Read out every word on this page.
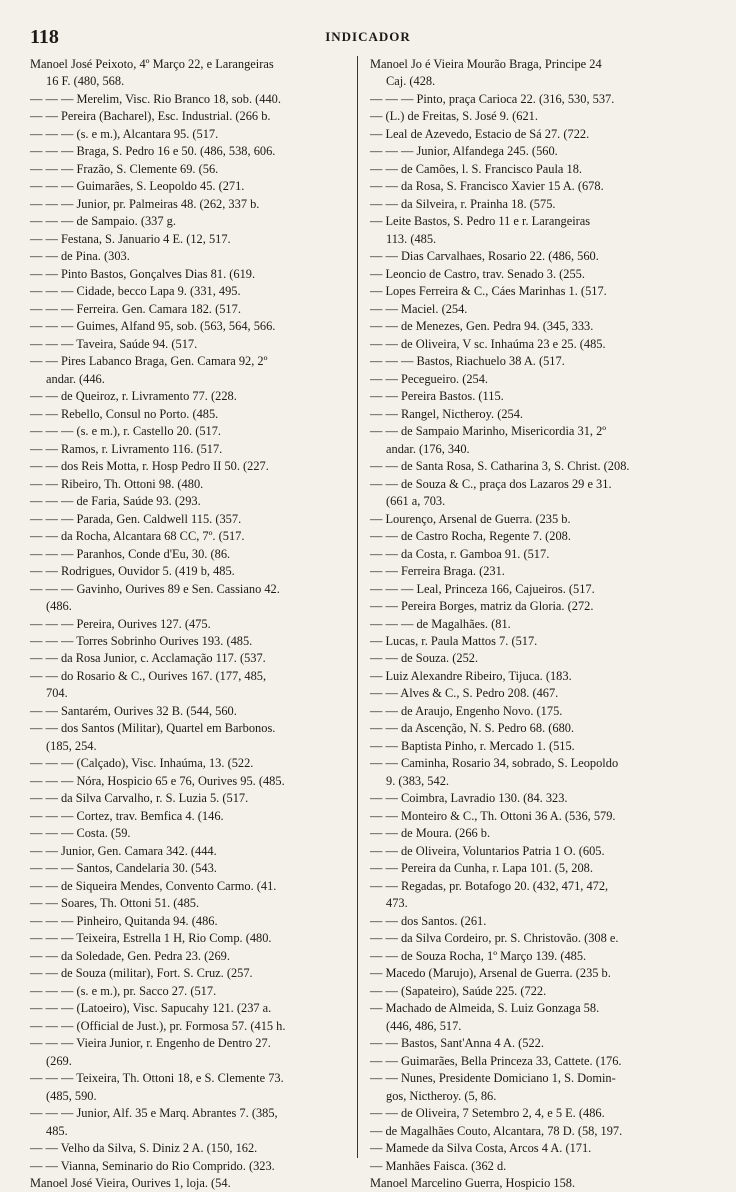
118	INDICADOR
Manoel José Peixoto, 4º Março 22, e Larangeiras
16 F. (480, 568.
— — — Merelim, Visc. Rio Branco 18, sob. (440.
— — Pereira (Bacharel), Esc. Industrial. (266 b.
— — — (s. e m.), Alcantara 95. (517.
— — — Braga, S. Pedro 16 e 50. (486, 538, 606.
— — — Frazão, S. Clemente 69. (56.
— — — Guimarães, S. Leopoldo 45. (271.
— — — Junior, pr. Palmeiras 48. (262, 337 b.
— — — de Sampaio. (337 g.
— — Festana, S. Januario 4 E. (12, 517.
— — de Pina. (303.
— — Pinto Bastos, Gonçalves Dias 81. (619.
— — — Cidade, becco Lapa 9. (331, 495.
— — — Ferreira. Gen. Camara 182. (517.
— — — Guimes, Alfand 95, sob. (563, 564, 566.
— — — Taveira, Saúde 94. (517.
— — Pires Labanco Braga, Gen. Camara 92, 2º
andar. (446.
— — de Queiroz, r. Livramento 77. (228.
— — Rebello, Consul no Porto. (485.
— — — (s. e m.), r. Castello 20. (517.
— — Ramos, r. Livramento 116. (517.
— — dos Reis Motta, r. Hosp Pedro II 50. (227.
— — Ribeiro, Th. Ottoni 98. (480.
— — — de Faria, Saúde 93. (293.
— — — Parada, Gen. Caldwell 115. (357.
— — da Rocha, Alcantara 68 CC, 7º. (517.
— — — Paranhos, Conde d'Eu, 30. (86.
— — Rodrigues, Ouvidor 5. (419 b, 485.
— — — Gavinho, Ourives 89 e Sen. Cassiano 42.
(486.
— — — Pereira, Ourives 127. (475.
— — — Torres Sobrinho Ourives 193. (485.
— — da Rosa Junior, c. Acclamação 117. (537.
— — do Rosario & C., Ourives 167. (177, 485,
704.
— — Santarém, Ourives 32 B. (544, 560.
— — dos Santos (Militar), Quartel em Barbonos.
(185, 254.
— — — (Calçado), Visc. Inhaúma, 13. (522.
— — — Nóra, Hospicio 65 e 76, Ourives 95. (485.
— — da Silva Carvalho, r. S. Luzia 5. (517.
— — — Cortez, trav. Bemfica 4. (146.
— — — Costa. (59.
— — Junior, Gen. Camara 342. (444.
— — — Santos, Candelaria 30. (543.
— — de Siqueira Mendes, Convento Carmo. (41.
— — Soares, Th. Ottoni 51. (485.
— — — Pinheiro, Quitanda 94. (486.
— — — Teixeira, Estrella 1 H, Rio Comp. (480.
— — da Soledade, Gen. Pedra 23. (269.
— — de Souza (militar), Fort. S. Cruz. (257.
— — — (s. e m.), pr. Sacco 27. (517.
— — — (Latoeiro), Visc. Sapucahy 121. (237 a.
— — — (Official de Just.), pr. Formosa 57. (415 h.
— — — Vieira Junior, r. Engenho de Dentro 27.
(269.
— — — Teixeira, Th. Ottoni 18, e S. Clemente 73.
(485, 590.
— — — Junior, Alf. 35 e Marq. Abrantes 7. (385,
485.
— — Velho da Silva, S. Diniz 2 A. (150, 162.
— — Vianna, Seminario do Rio Comprido. (323.
Manoel José Vieira, Ourives 1, loja. (54.
Manoel Jo é Vieira Mourão Braga, Principe 24
Caj. (428.
— — — Pinto, praça Carioca 22. (316, 530, 537.
— (L.) de Freitas, S. José 9. (621.
— Leal de Azevedo, Estacio de Sá 27. (722.
— — — Junior, Alfandega 245. (560.
— — de Camões, l. S. Francisco Paula 18.
— — da Rosa, S. Francisco Xavier 15 A. (678.
— — da Silveira, r. Prainha 18. (575.
— Leite Bastos, S. Pedro 11 e r. Larangeiras
113. (485.
— — Dias Carvalhaes, Rosario 22. (486, 560.
— Leoncio de Castro, trav. Senado 3. (255.
— Lopes Ferreira & C., Cáes Marinhas 1. (517.
— — Maciel. (254.
— — de Menezes, Gen. Pedra 94. (345, 333.
— — de Oliveira, V sc. Inhaúma 23 e 25. (485.
— — — Bastos, Riachuelo 38 A. (517.
— — Pecegueiro. (254.
— — Pereira Bastos. (115.
— — Rangel, Nictheroy. (254.
— — de Sampaio Marinho, Misericordia 31, 2º
andar. (176, 340.
— — de Santa Rosa, S. Catharina 3, S. Christ. (208.
— — de Souza & C., praça dos Lazaros 29 e 31.
(661 a, 703.
— Lourenço, Arsenal de Guerra. (235 b.
— — de Castro Rocha, Regente 7. (208.
— — da Costa, r. Gamboa 91. (517.
— — Ferreira Braga. (231.
— — — Leal, Princeza 166, Cajueiros. (517.
— — Pereira Borges, matriz da Gloria. (272.
— — — de Magalhães. (81.
— Lucas, r. Paula Mattos 7. (517.
— — de Souza. (252.
— Luiz Alexandre Ribeiro, Tijuca. (183.
— — Alves & C., S. Pedro 208. (467.
— — de Araujo, Engenho Novo. (175.
— — da Ascenção, N. S. Pedro 68. (680.
— — Baptista Pinho, r. Mercado 1. (515.
— — Caminha, Rosario 34, sobrado, S. Leopoldo
9. (383, 542.
— — Coimbra, Lavradio 130. (84. 323.
— — Monteiro & C., Th. Ottoni 36 A. (536, 579.
— — de Moura. (266 b.
— — de Oliveira, Voluntarios Patria 1 O. (605.
— — Pereira da Cunha, r. Lapa 101. (5, 208.
— — Regadas, pr. Botafogo 20. (432, 471, 472,
473.
— — dos Santos. (261.
— — da Silva Cordeiro, pr. S. Christovão. (308 e.
— — de Souza Rocha, 1º Março 139. (485.
— Macedo (Marujo), Arsenal de Guerra. (235 b.
— — (Sapateiro), Saúde 225. (722.
— Machado de Almeida, S. Luiz Gonzaga 58.
(446, 486, 517.
— — Bastos, Sant'Anna 4 A. (522.
— — Guimarães, Bella Princeza 33, Cattete. (176.
— — Nunes, Presidente Domiciano 1, S. Domin-
gos, Nictheroy. (5, 86.
— — de Oliveira, 7 Setembro 2, 4, e 5 E. (486.
— de Magalhães Couto, Alcantara, 78 D. (58, 197.
— Mamede da Silva Costa, Arcos 4 A. (171.
— Manhães Faisca. (362 d.
Manoel Marcelino Guerra, Hospicio 158.
